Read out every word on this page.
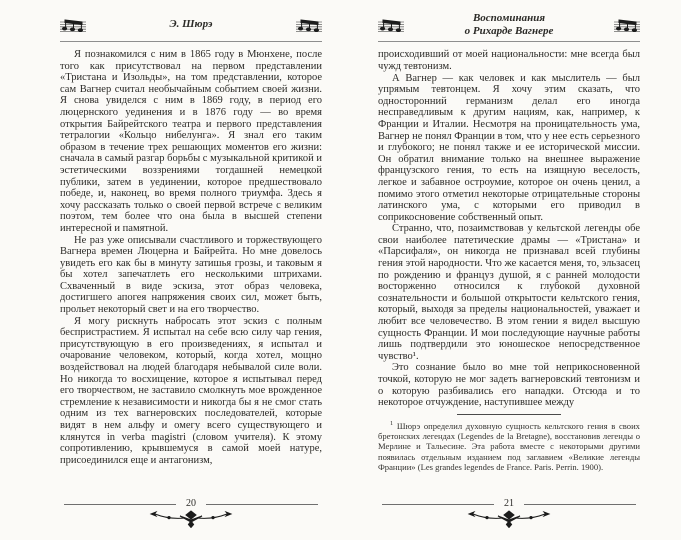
Э. Шюрэ

Я познакомился с ним в 1865 году в Мюнхене, после того как присутствовал на первом представлении «Тристана и Изольды», на том представлении, которое сам Вагнер считал необычайным событием своей жизни. Я снова увиделся с ним в 1869 году, в период его люцернского уединения и в 1876 году — во время открытия Байрейтского театра и первого представления тетралогии «Кольцо нибелунга». Я знал его таким образом в течение трех решающих моментов его жизни: сначала в самый разгар борьбы с музыкальной критикой и эстетическими воззрениями тогдашней немецкой публики, затем в уединении, которое предшествовало победе, и, наконец, во время полного триумфа. Здесь я хочу рассказать только о своей первой встрече с великим поэтом, тем более что она была в высшей степени интересной и памятной.

Не раз уже описывали счастливого и торжествующего Вагнера времен Люцерна и Байрейта. Но мне довелось увидеть его как бы в минуту затишья грозы, и таковым я бы хотел запечатлеть его несколькими штрихами. Схваченный в виде эскиза, этот образ человека, достигшего апогея напряжения своих сил, может быть, прольет некоторый свет и на его творчество.

Я могу рискнуть набросать этот эскиз с полным беспристрастием. Я испытал на себе всю силу чар гения, присутствующую в его произведениях, я испытал и очарование человеком, который, когда хотел, мощно воздействовал на людей благодаря небывалой силе воли. Но никогда то восхищение, которое я испытывал перед его творчеством, не заставило смолкнуть мое врожденное стремление к независимости и никогда бы я не смог стать одним из тех вагнеровских последователей, которые видят в нем альфу и омегу всего существующего и клянутся in verba magistri (словом учителя). К этому сопротивлению, крывшемуся в самой моей натуре, присоединился еще и антагонизм,

20
Воспоминания
о Рихарде Вагнере

происходивший от моей национальности: мне всегда был чужд тевтонизм.

А Вагнер — как человек и как мыслитель — был упрямым тевтонцем. Я хочу этим сказать, что односторонний германизм делал его иногда несправедливым к другим нациям, как, например, к Франции и Италии. Несмотря на проницательность ума, Вагнер не понял Франции в том, что у нее есть серьезного и глубокого; не понял также и ее исторической миссии. Он обратил внимание только на внешнее выражение французского гения, то есть на изящную веселость, легкое и забавное остроумие, которое он очень ценил, а помимо этого отметил некоторые отрицательные стороны латинского ума, с которыми его приводил в соприкосновение собственный опыт.

Странно, что, позаимствовав у кельтской легенды обе свои наиболее патетические драмы — «Тристана» и «Парсифаля», он никогда не признавал всей глубины гения этой народности. Что же касается меня, то, эльзасец по рождению и француз душой, я с ранней молодости восторженно относился к глубокой духовной сознательности и большой открытости кельтского гения, который, выходя за пределы национальностей, уважает и любит все человечество. В этом гении я видел высшую сущность Франции. И мои последующие научные работы лишь подтвердили это юношеское непосредственное чувство¹.

Это сознание было во мне той неприкосновенной точкой, которую не мог задеть вагнеровский тевтонизм и о которую разбивались его нападки. Отсюда и то некоторое отчуждение, наступившее между

$^1$ Шюрэ определил духовную сущность кельтского гения в своих бретонских легендах (Legendes de la Bretagne), восстановив легенды о Мерлине и Тальесине. Эта работа вместе с некоторыми другими появилась отдельным изданием под заглавием «Великие легенды Франции» (Les grandes legendes de France. Paris. Perrin. 1900).

21
